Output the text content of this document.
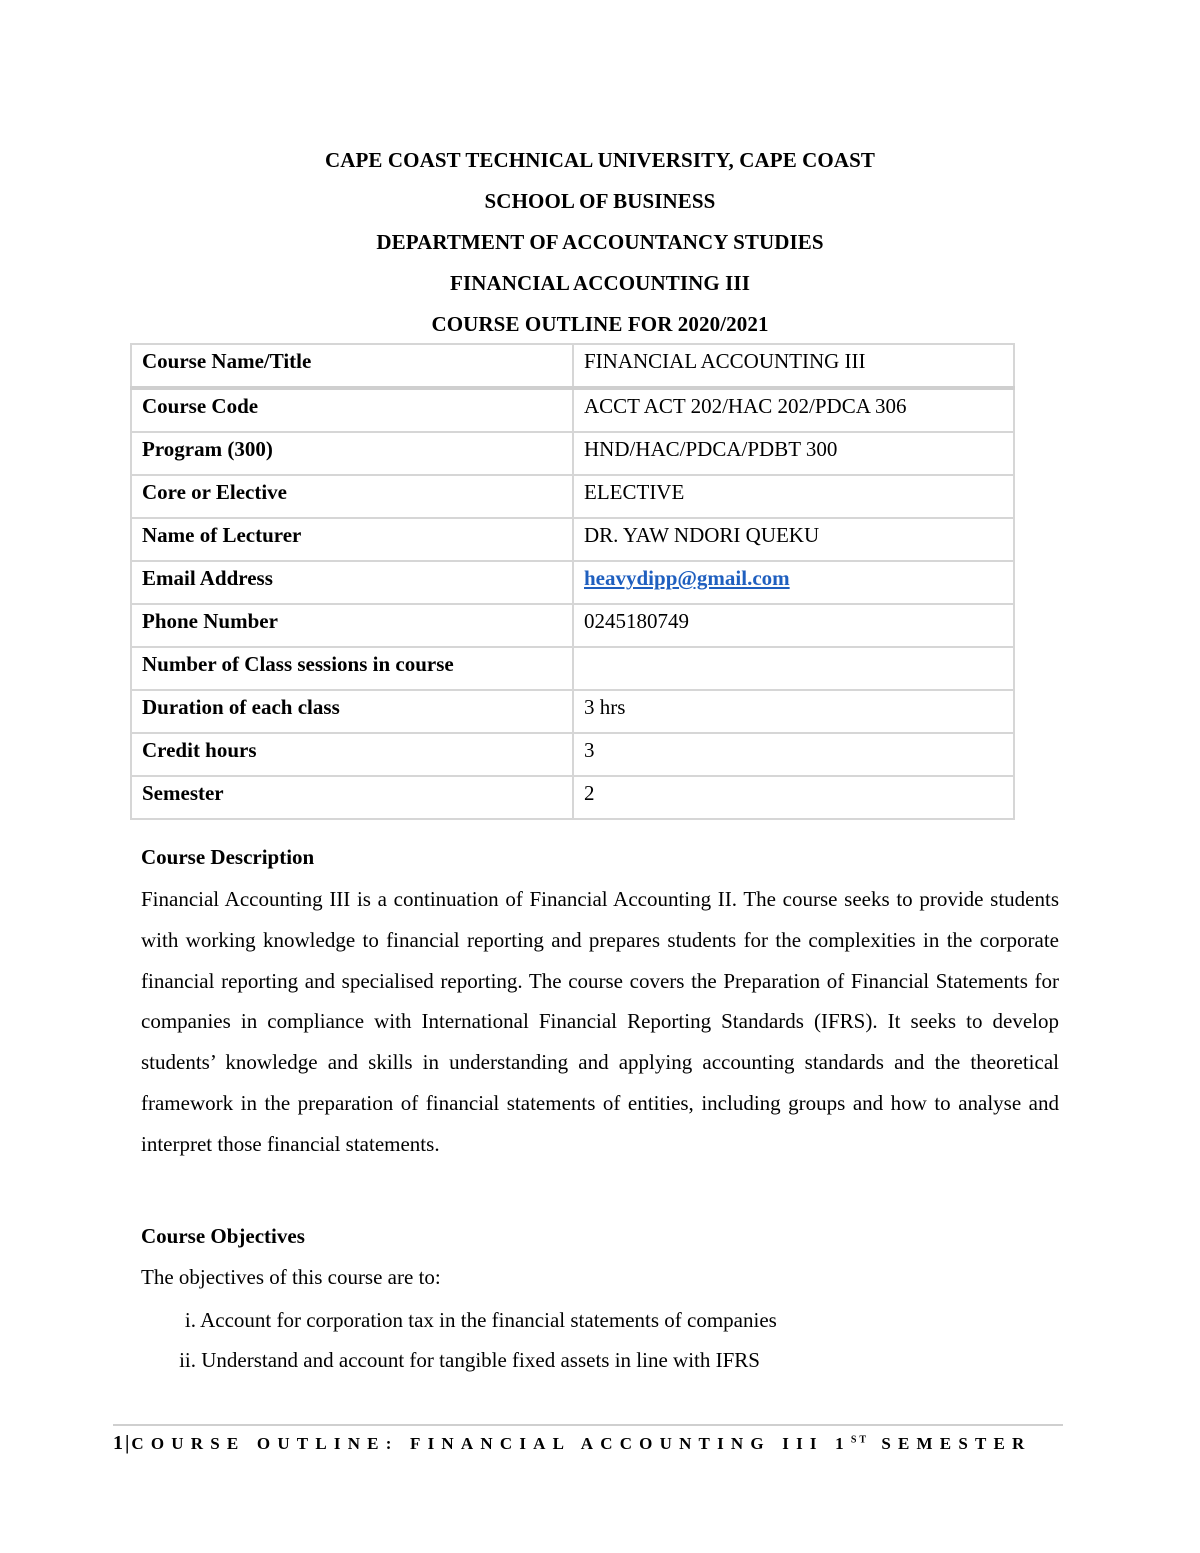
CAPE COAST TECHNICAL UNIVERSITY, CAPE COAST
SCHOOL OF BUSINESS
DEPARTMENT OF ACCOUNTANCY STUDIES
FINANCIAL ACCOUNTING III
COURSE OUTLINE FOR 2020/2021
Course Name/Title	FINANCIAL ACCOUNTING III
Course Code	ACCT ACT 202/HAC 202/PDCA 306
Program (300)	HND/HAC/PDCA/PDBT 300
Core or Elective	ELECTIVE
Name of Lecturer	DR. YAW NDORI QUEKU
Email Address	heavydipp@gmail.com
Phone Number	0245180749
Number of Class sessions in course	
Duration of each class	3 hrs
Credit hours	3
Semester	2
Course Description
Financial Accounting III is a continuation of Financial Accounting II. The course seeks to provide students with working knowledge to financial reporting and prepares students for the complexities in the corporate financial reporting and specialised reporting. The course covers the Preparation of Financial Statements for companies in compliance with International Financial Reporting Standards (IFRS). It seeks to develop students’ knowledge and skills in understanding and applying accounting standards and the theoretical framework in the preparation of financial statements of entities, including groups and how to analyse and interpret those financial statements.
Course Objectives
The objectives of this course are to:
i. Account for corporation tax in the financial statements of companies
ii. Understand and account for tangible fixed assets in line with IFRS
1 | COURSE OUTLINE: FINANCIAL ACCOUNTING III 1ST SEMESTER
